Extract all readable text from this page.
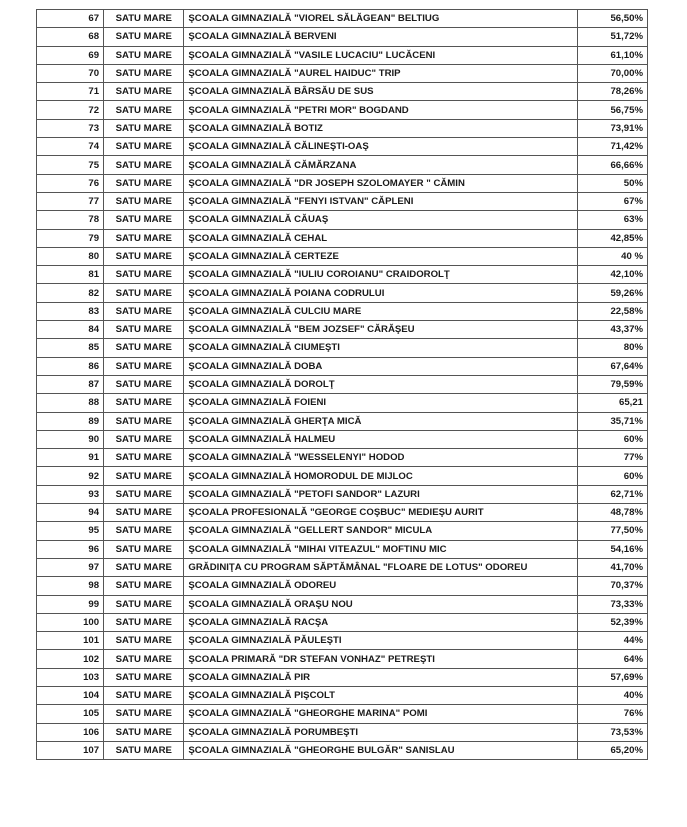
67	SATU MARE	ŞCOALA GIMNAZIALĂ "VIOREL SĂLĂGEAN" BELTIUG	56,50%
68	SATU MARE	ŞCOALA GIMNAZIALĂ BERVENI	51,72%
69	SATU MARE	ŞCOALA GIMNAZIALĂ "VASILE LUCACIU" LUCĂCENI	61,10%
70	SATU MARE	ŞCOALA GIMNAZIALĂ "AUREL HAIDUC" TRIP	70,00%
71	SATU MARE	ŞCOALA GIMNAZIALĂ BÂRSĂU DE SUS	78,26%
72	SATU MARE	ŞCOALA GIMNAZIALĂ "PETRI MOR" BOGDAND	56,75%
73	SATU MARE	ŞCOALA GIMNAZIALĂ BOTIZ	73,91%
74	SATU MARE	ŞCOALA GIMNAZIALĂ CĂLINEŞTI-OAŞ	71,42%
75	SATU MARE	ŞCOALA GIMNAZIALĂ CĂMĂRZANA	66,66%
76	SATU MARE	ŞCOALA GIMNAZIALĂ "DR JOSEPH SZOLOMAYER " CĂMIN	50%
77	SATU MARE	ŞCOALA GIMNAZIALĂ "FENYI ISTVAN" CĂPLENI	67%
78	SATU MARE	ŞCOALA GIMNAZIALĂ CĂUAŞ	63%
79	SATU MARE	ŞCOALA GIMNAZIALĂ CEHAL	42,85%
80	SATU MARE	ŞCOALA GIMNAZIALĂ CERTEZE	40 %
81	SATU MARE	ŞCOALA GIMNAZIALĂ "IULIU COROIANU" CRAIDOROLŢ	42,10%
82	SATU MARE	ŞCOALA GIMNAZIALĂ POIANA CODRULUI	59,26%
83	SATU MARE	ŞCOALA GIMNAZIALĂ CULCIU MARE	22,58%
84	SATU MARE	ŞCOALA GIMNAZIALĂ "BEM JOZSEF" CĂRĂŞEU	43,37%
85	SATU MARE	ŞCOALA GIMNAZIALĂ CIUMEŞTI	80%
86	SATU MARE	ŞCOALA GIMNAZIALĂ DOBA	67,64%
87	SATU MARE	ŞCOALA GIMNAZIALĂ DOROLŢ	79,59%
88	SATU MARE	ŞCOALA GIMNAZIALĂ FOIENI	65,21
89	SATU MARE	ŞCOALA GIMNAZIALĂ GHERŢA MICĂ	35,71%
90	SATU MARE	ŞCOALA GIMNAZIALĂ HALMEU	60%
91	SATU MARE	ŞCOALA GIMNAZIALĂ "WESSELENYI" HODOD	77%
92	SATU MARE	ŞCOALA GIMNAZIALĂ HOMORODUL DE MIJLOC	60%
93	SATU MARE	ŞCOALA GIMNAZIALĂ "PETOFI SANDOR" LAZURI	62,71%
94	SATU MARE	ŞCOALA PROFESIONALĂ "GEORGE COŞBUC" MEDIEŞU AURIT	48,78%
95	SATU MARE	ŞCOALA GIMNAZIALĂ "GELLERT SANDOR" MICULA	77,50%
96	SATU MARE	ŞCOALA GIMNAZIALĂ "MIHAI VITEAZUL" MOFTINU MIC	54,16%
97	SATU MARE	GRĂDINIŢA CU PROGRAM SĂPTĂMÂNAL "FLOARE DE LOTUS" ODOREU	41,70%
98	SATU MARE	ŞCOALA GIMNAZIALĂ ODOREU	70,37%
99	SATU MARE	ŞCOALA GIMNAZIALĂ ORAŞU NOU	73,33%
100	SATU MARE	ŞCOALA GIMNAZIALĂ RACŞA	52,39%
101	SATU MARE	ŞCOALA GIMNAZIALĂ PĂULEŞTI	44%
102	SATU MARE	ŞCOALA PRIMARĂ "DR STEFAN VONHAZ" PETREŞTI	64%
103	SATU MARE	ŞCOALA GIMNAZIALĂ PIR	57,69%
104	SATU MARE	ŞCOALA GIMNAZIALĂ PIŞCOLT	40%
105	SATU MARE	ŞCOALA GIMNAZIALĂ "GHEORGHE MARINA" POMI	76%
106	SATU MARE	ŞCOALA GIMNAZIALĂ PORUMBEŞTI	73,53%
107	SATU MARE	ŞCOALA GIMNAZIALĂ "GHEORGHE BULGĂR" SANISLAU	65,20%
